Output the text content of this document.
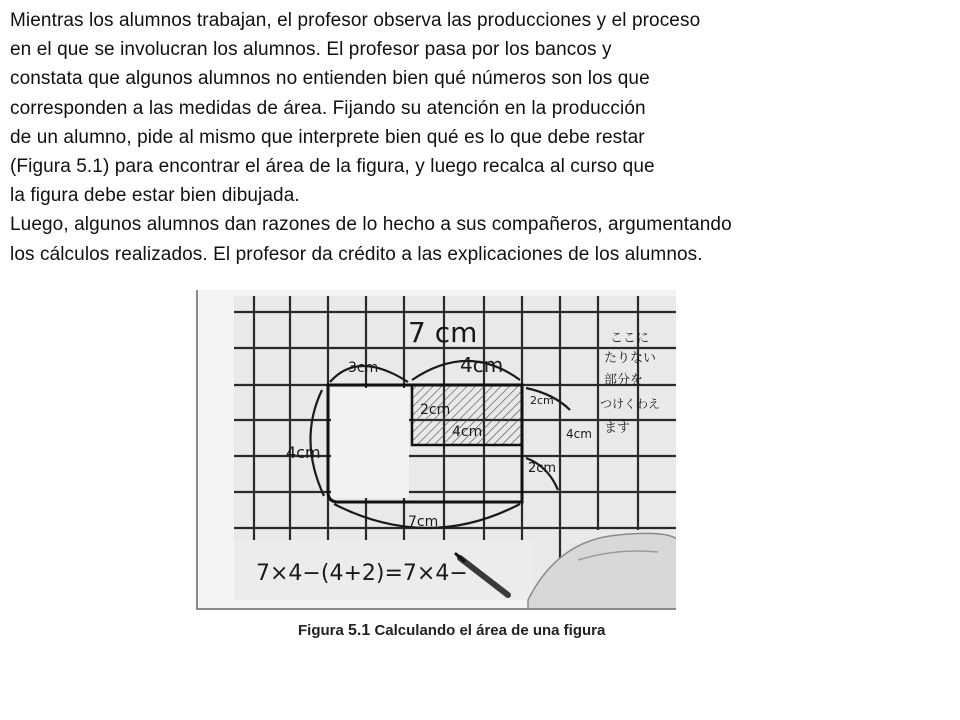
Mientras los alumnos trabajan, el profesor observa las producciones y el proceso
en el que se involucran los alumnos. El profesor pasa por los bancos y
constata que algunos alumnos no entienden bien qué números son los que
corresponden a las medidas de área. Fijando su atención en la producción
de un alumno, pide al mismo que interprete bien qué es lo que debe restar
(Figura 5.1) para encontrar el área de la figura, y luego recalca al curso que
la figura debe estar bien dibujada.
Luego, algunos alumnos dan razones de lo hecho a sus compañeros, argumentando
los cálculos realizados. El profesor da crédito a las explicaciones de los alumnos.
7 cm
4cm
3cm
2cm
4cm
2cm
4cm
4cm
2cm
7cm
ここに
たりない
部分を
つけくわえ
ます
7×4−(4+2)=7×4−
Figura 5.1 Calculando el área de una figura
